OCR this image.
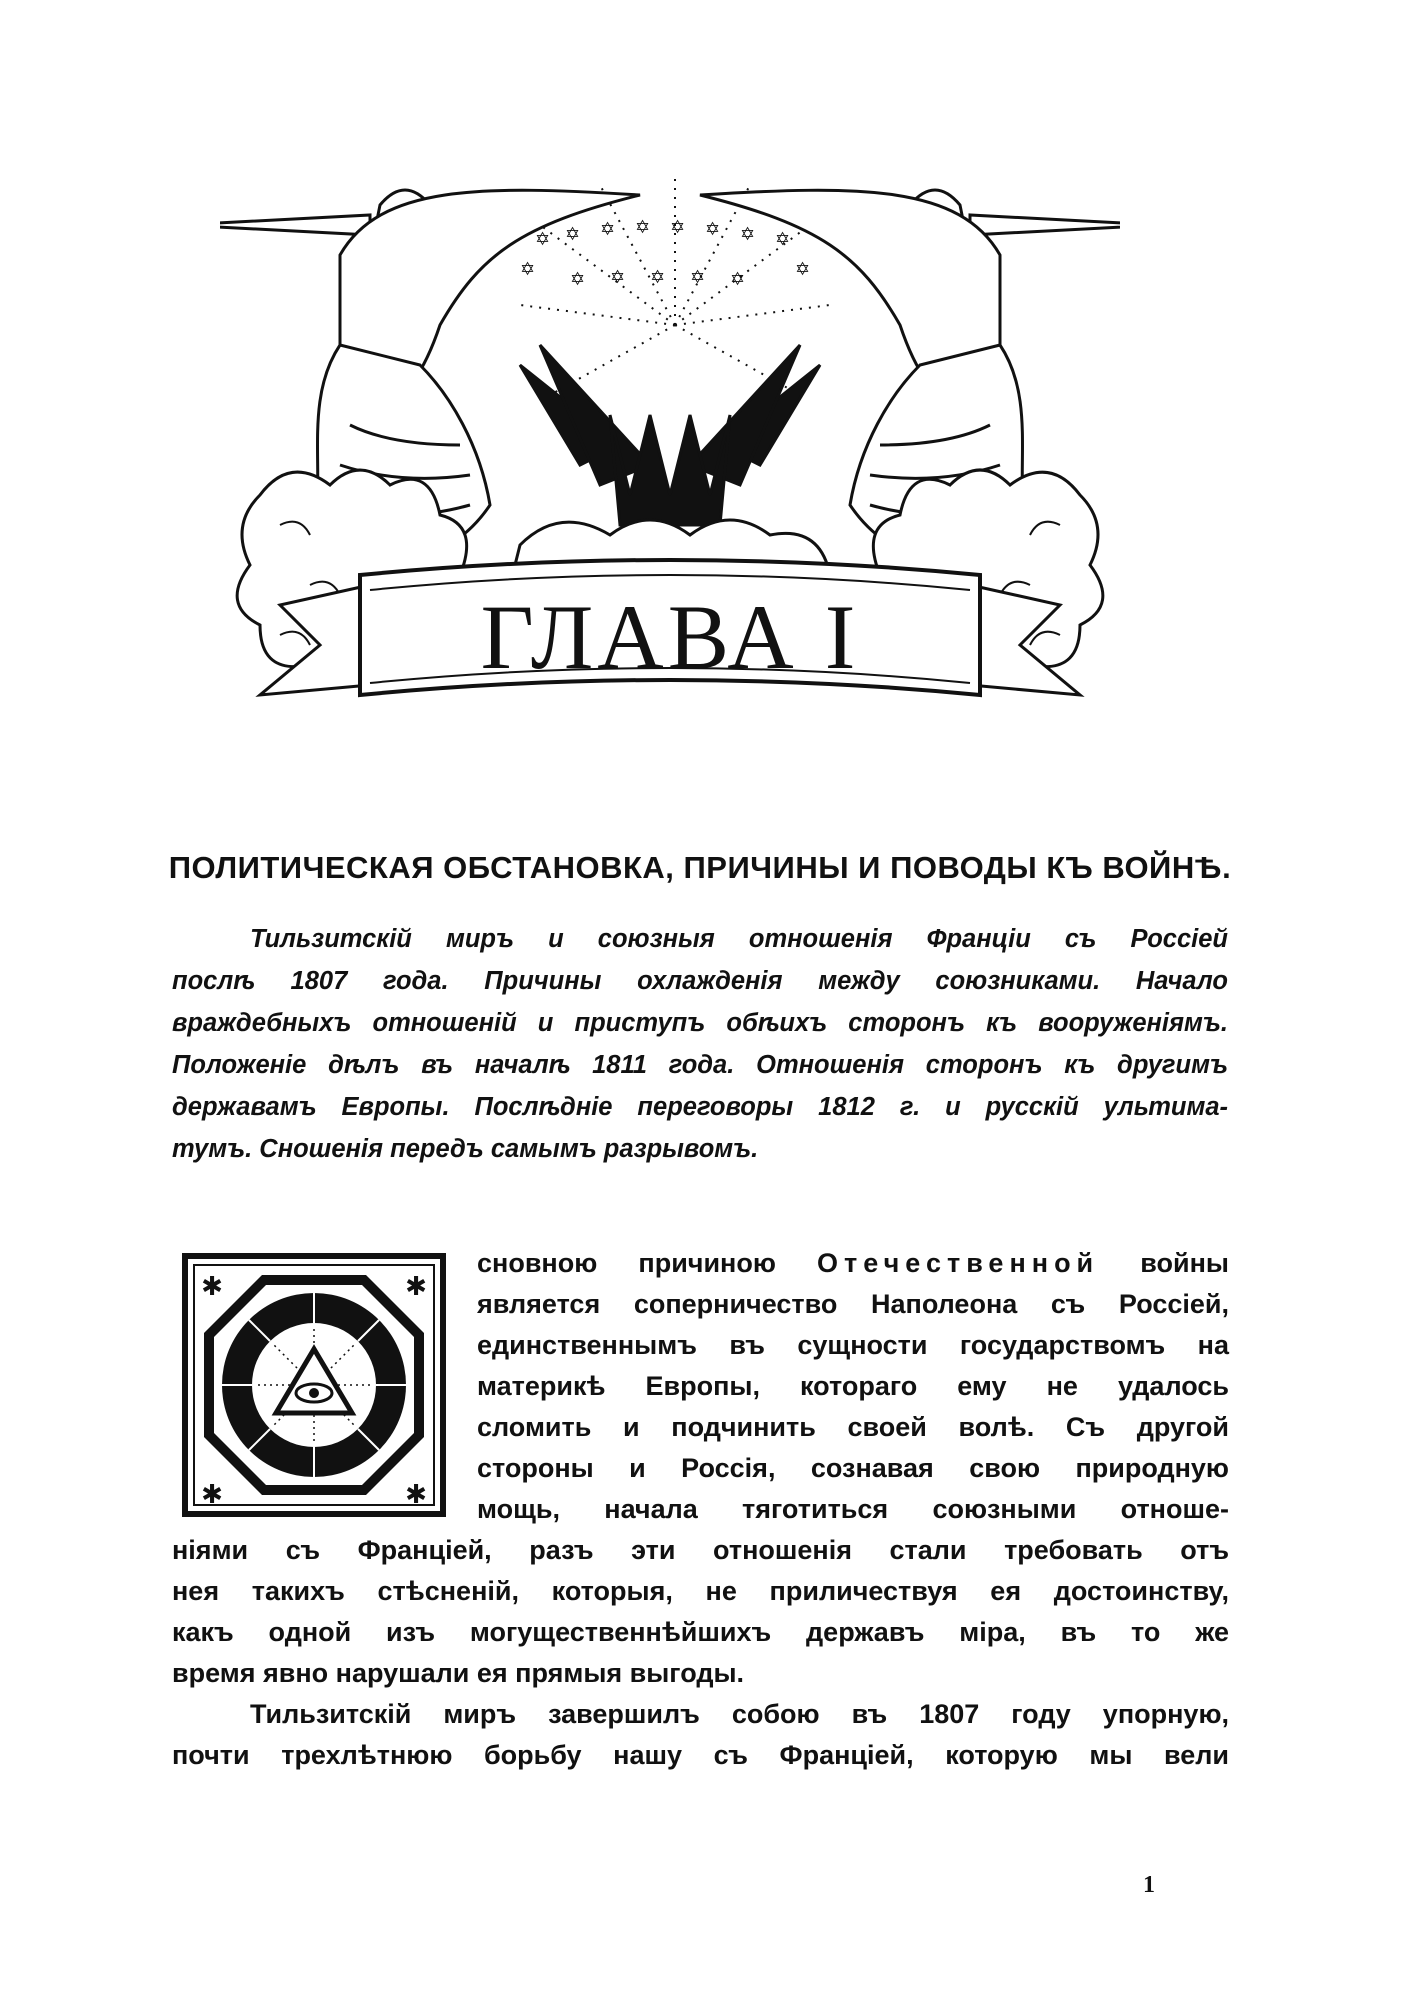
✡ ✡ ✡ ✡ ✡ ✡ ✡ ✡
✡	✡
✡ ✡ ✡ ✡ ✡
ГЛАВА I
ПОЛИТИЧЕСКАЯ ОБСТАНОВКА, ПРИЧИНЫ И ПОВОДЫ КЪ ВОЙНѢ.
Тильзитскій миръ и союзныя отношенія Франціи съ Россіей
послѣ 1807 года. Причины охлажденія между союзниками. Начало
враждебныхъ отношеній и приступъ обѣихъ сторонъ къ вооруженіямъ.
Положеніе дѣлъ въ началѣ 1811 года. Отношенія сторонъ къ другимъ
державамъ Европы. Послѣдніе переговоры 1812 г. и русскій ультима-
тумъ. Сношенія передъ самымъ разрывомъ.
✱	✱
✱	✱
сновною причиною Отечественной войны
является соперничество Наполеона съ Россіей,
единственнымъ въ сущности государствомъ на
материкѣ Европы, котораго ему не удалось
сломить и подчинить своей волѣ. Съ другой
стороны и Россія, сознавая свою природную
мощь, начала тяготиться союзными отноше-
ніями съ Франціей, разъ эти отношенія стали требовать отъ
нея такихъ стѣсненій, которыя, не приличествуя ея достоинству,
какъ одной изъ могущественнѣйшихъ державъ міра, въ то же
время явно нарушали ея прямыя выгоды.
Тильзитскій миръ завершилъ собою въ 1807 году упорную,
почти трехлѣтнюю борьбу нашу съ Франціей, которую мы вели
1
